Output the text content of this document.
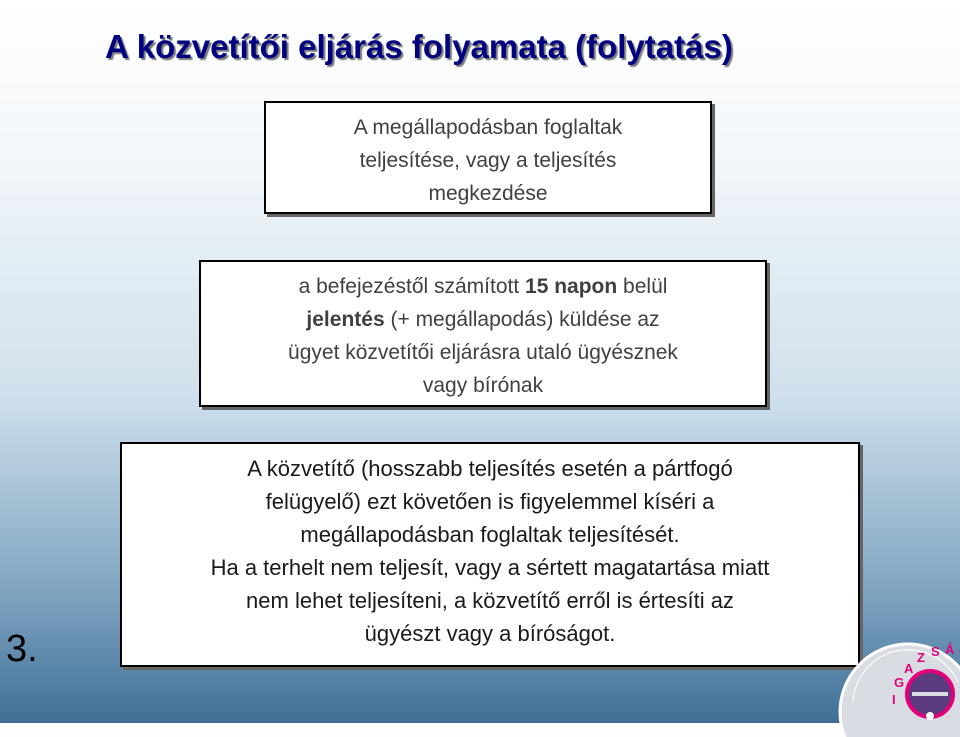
A közvetítői eljárás folyamata (folytatás)
A megállapodásban foglaltak
teljesítése, vagy a teljesítés
megkezdése
a befejezéstől számított 15 napon belül
jelentés (+ megállapodás) küldése az
ügyet közvetítői eljárásra utaló ügyésznek
vagy bírónak
A közvetítő (hosszabb teljesítés esetén a pártfogó
felügyelő) ezt követően is figyelemmel kíséri a
megállapodásban foglaltak teljesítését.
Ha a terhelt nem teljesít, vagy a sértett magatartása miatt
nem lehet teljesíteni, a közvetítő erről is értesíti az
ügyészt vagy a bíróságot.
3.
I
G
A
Z S Á
